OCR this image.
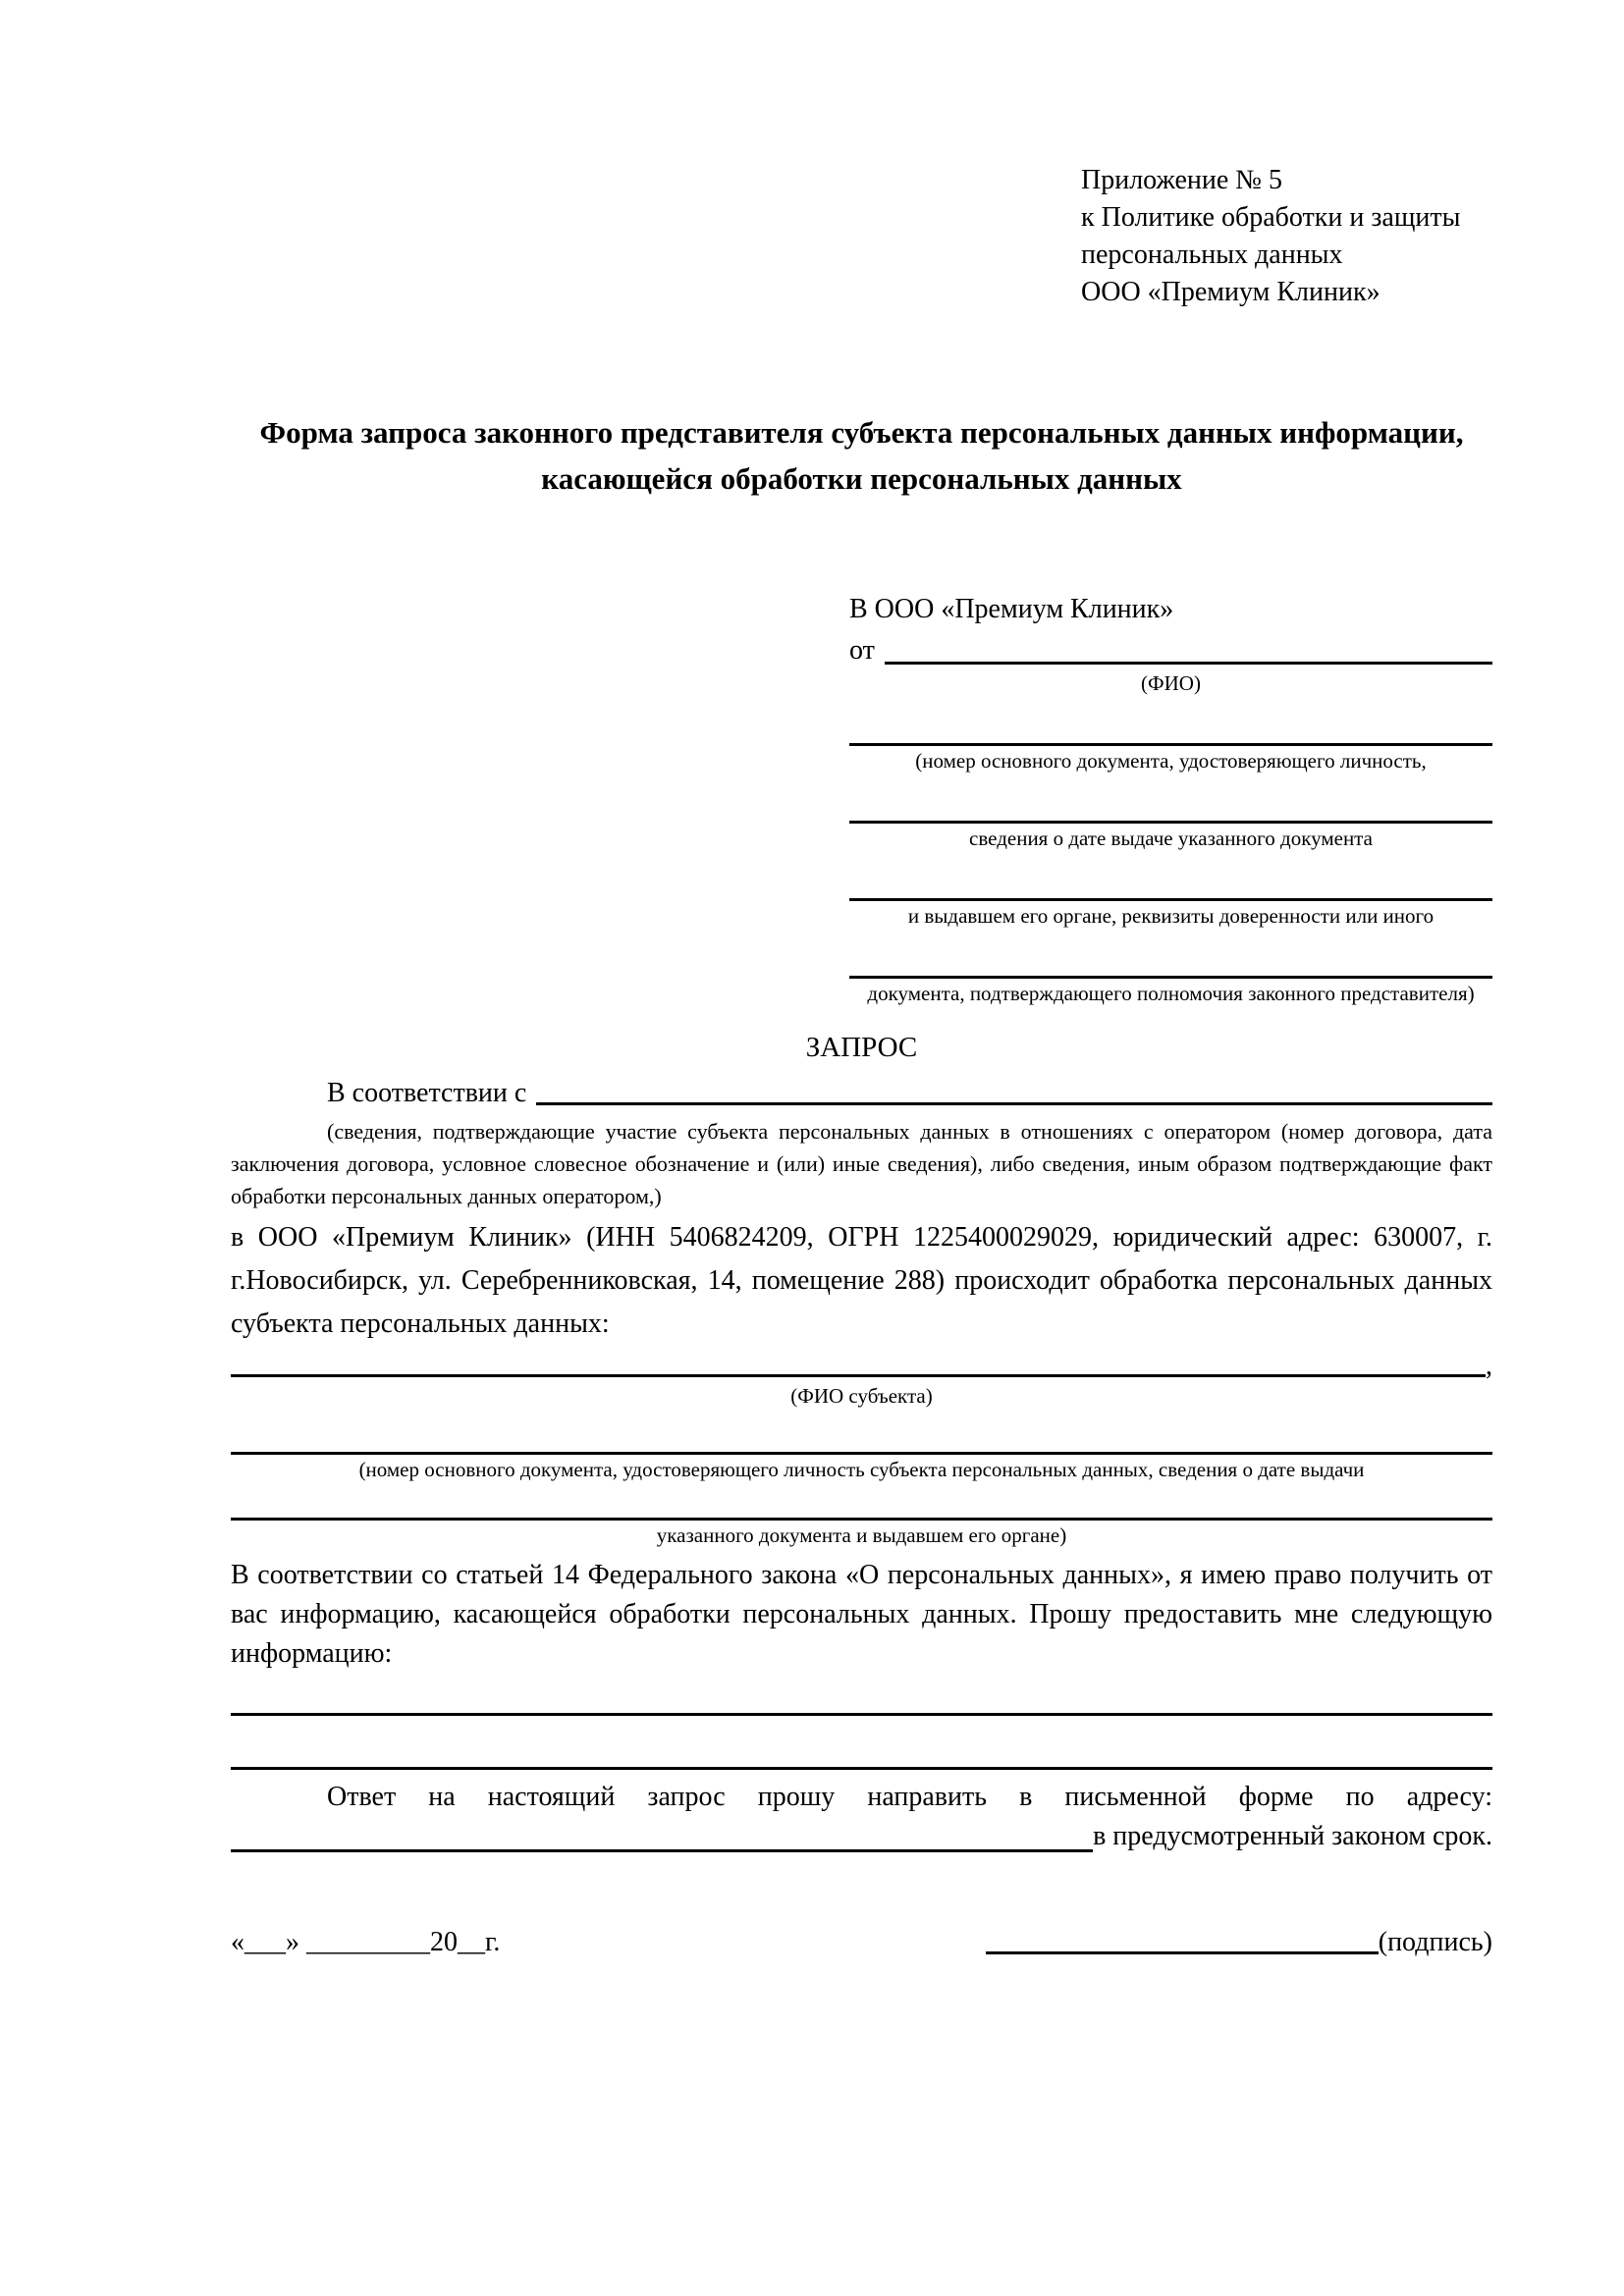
Приложение № 5
к Политике обработки и защиты
персональных данных
ООО «Премиум Клиник»
Форма запроса законного представителя субъекта персональных данных информации, касающейся обработки персональных данных
В ООО «Премиум Клиник»
от
(ФИО)
(номер основного документа, удостоверяющего личность,
сведения о дате выдаче указанного документа
и выдавшем его органе, реквизиты доверенности или иного
документа, подтверждающего полномочия законного представителя)
ЗАПРОС
В соответствии с
(сведения, подтверждающие участие субъекта персональных данных в отношениях с оператором (номер договора, дата заключения договора, условное словесное обозначение и (или) иные сведения), либо сведения, иным образом подтверждающие факт обработки персональных данных оператором,)

в ООО «Премиум Клиник» (ИНН 5406824209, ОГРН 1225400029029, юридический адрес: 630007, г. г.Новосибирск, ул. Серебренниковская, 14, помещение 288) происходит обработка персональных данных субъекта персональных данных:

,
(ФИО субъекта)
(номер основного документа, удостоверяющего личность субъекта персональных данных, сведения о дате выдачи
указанного документа и выдавшем его органе)

В соответствии со статьей 14 Федерального закона «О персональных данных», я имею право получить от вас информацию, касающейся обработки персональных данных. Прошу предоставить мне следующую информацию:

Ответ на настоящий запрос прошу направить в письменной форме по адресу:

в предусмотренный законом срок.
«___» _________20__г.	(подпись)
